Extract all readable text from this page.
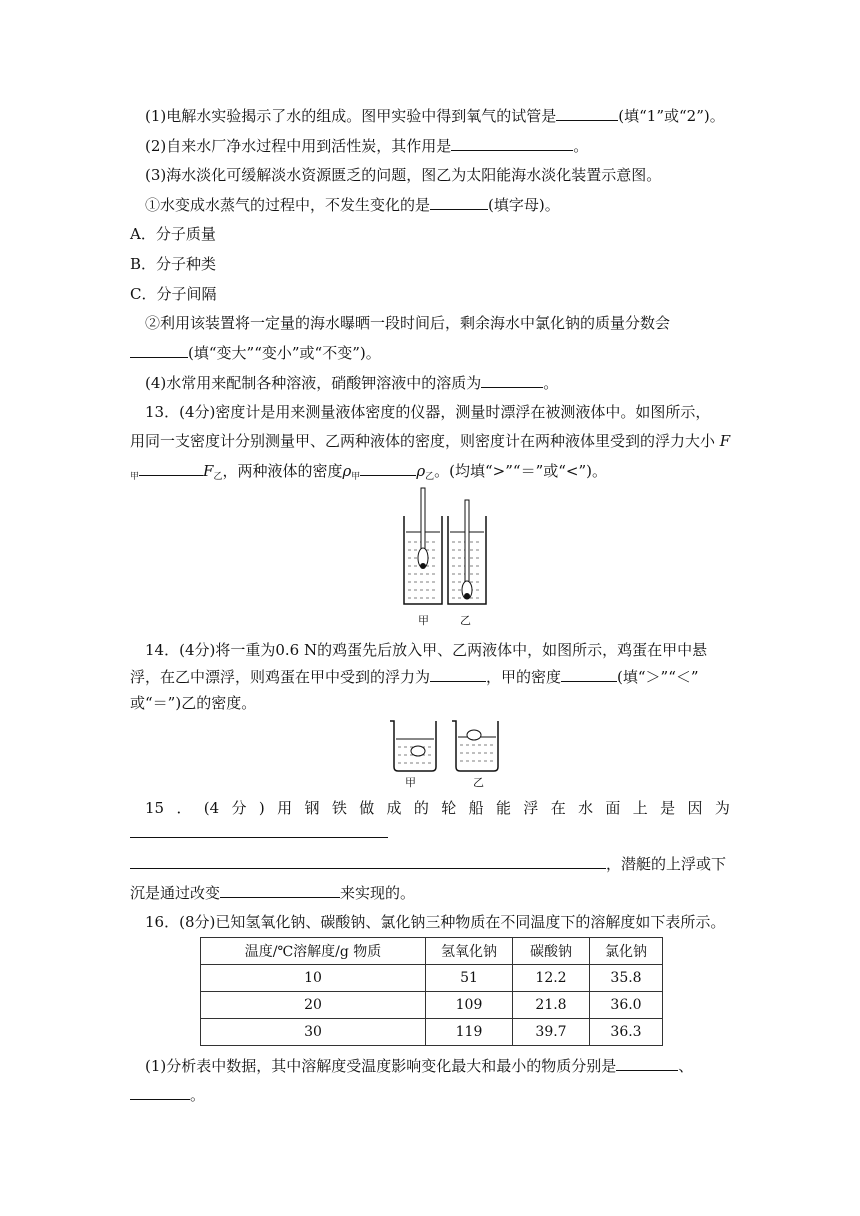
(1)电解水实验揭示了水的组成。图甲实验中得到氧气的试管是	(填“1”或“2”)。
(2)自来水厂净水过程中用到活性炭，其作用是	。
(3)海水淡化可缓解淡水资源匮乏的问题，图乙为太阳能海水淡化装置示意图。
①水变成水蒸气的过程中，不发生变化的是	(填字母)。
A．分子质量
B．分子种类
C．分子间隔
②利用该装置将一定量的海水曝晒一段时间后，剩余海水中氯化钠的质量分数会
(填“变大”“变小”或“不变”)。
(4)水常用来配制各种溶液，硝酸钾溶液中的溶质为	。
13．(4分)密度计是用来测量液体密度的仪器，测量时漂浮在被测液体中。如图所示，
用同一支密度计分别测量甲、乙两种液体的密度，则密度计在两种液体里受到的浮力大小 F
$_甲$	$F_乙$，两种液体的密度$\rho_甲$	$\rho_乙$。(均填“>”“＝”或“<”)。
甲	乙
14．(4分)将一重为0.6 N的鸡蛋先后放入甲、乙两液体中，如图所示，鸡蛋在甲中悬
浮，在乙中漂浮，则鸡蛋在甲中受到的浮力为	，甲的密度	(填“＞”“＜”
或“＝”)乙的密度。
甲	乙
15 ． (4 分 ) 用 钢 铁 做 成 的 轮 船 能 浮 在 水 面 上 是 因 为
，潜艇的上浮或下
沉是通过改变	来实现的。
16．(8分)已知氢氧化钠、碳酸钠、氯化钠三种物质在不同温度下的溶解度如下表所示。
温度/℃溶解度/g 物质	氢氧化钠	碳酸钠	氯化钠
10	51	12.2	35.8
20	109	21.8	36.0
30	119	39.7	36.3
(1)分析表中数据，其中溶解度受温度影响变化最大和最小的物质分别是	、
。
